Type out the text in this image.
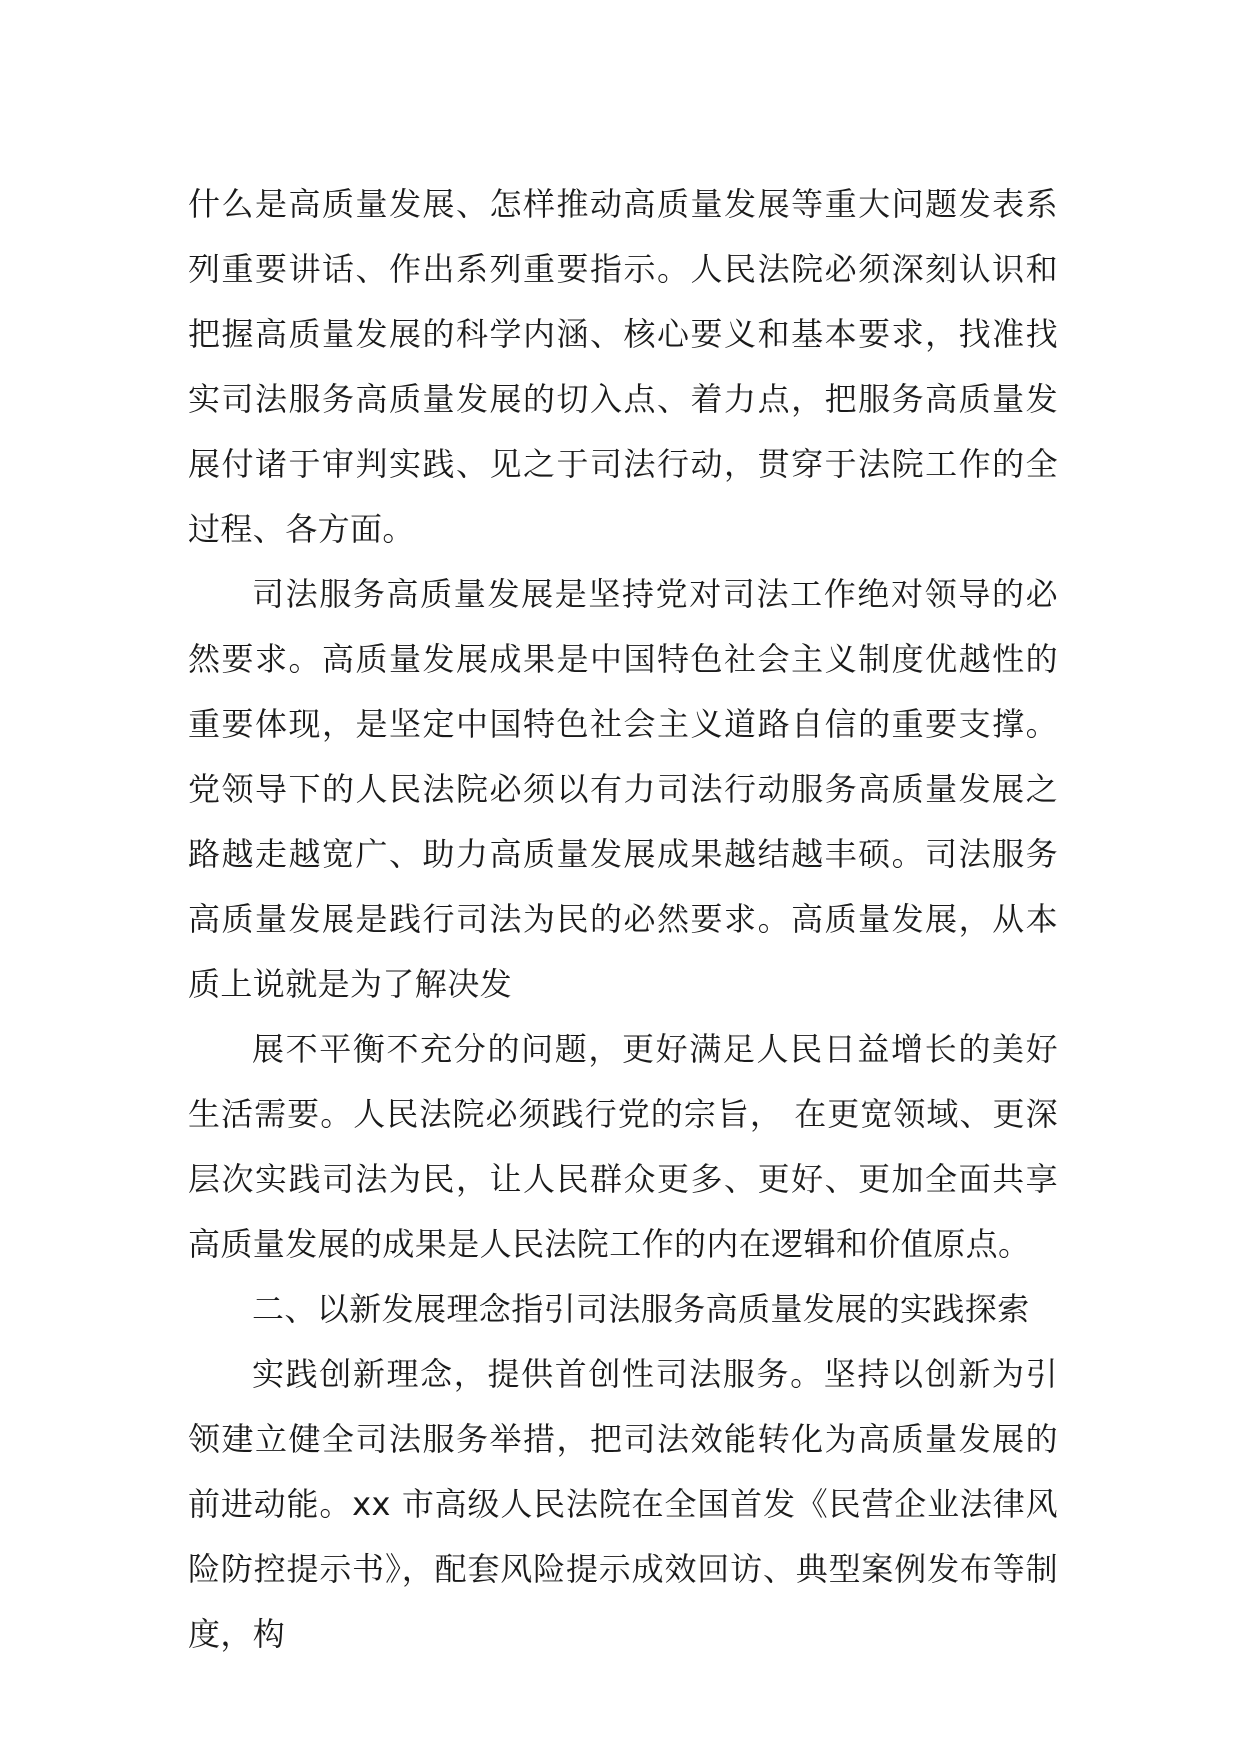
什么是高质量发展、怎样推动高质量发展等重大问题发表系列重要讲话、作出系列重要指示。人民法院必须深刻认识和把握高质量发展的科学内涵、核心要义和基本要求，找准找实司法服务高质量发展的切入点、着力点，把服务高质量发展付诸于审判实践、见之于司法行动，贯穿于法院工作的全过程、各方面。

司法服务高质量发展是坚持党对司法工作绝对领导的必然要求。高质量发展成果是中国特色社会主义制度优越性的重要体现，是坚定中国特色社会主义道路自信的重要支撑。党领导下的人民法院必须以有力司法行动服务高质量发展之路越走越宽广、助力高质量发展成果越结越丰硕。司法服务高质量发展是践行司法为民的必然要求。高质量发展，从本质上说就是为了解决发

展不平衡不充分的问题，更好满足人民日益增长的美好生活需要。人民法院必须践行党的宗旨， 在更宽领域、更深层次实践司法为民，让人民群众更多、更好、更加全面共享高质量发展的成果是人民法院工作的内在逻辑和价值原点。

二、以新发展理念指引司法服务高质量发展的实践探索

实践创新理念，提供首创性司法服务。坚持以创新为引领建立健全司法服务举措，把司法效能转化为高质量发展的前进动能。xx 市高级人民法院在全国首发《民营企业法律风险防控提示书》，配套风险提示成效回访、典型案例发布等制度，构
